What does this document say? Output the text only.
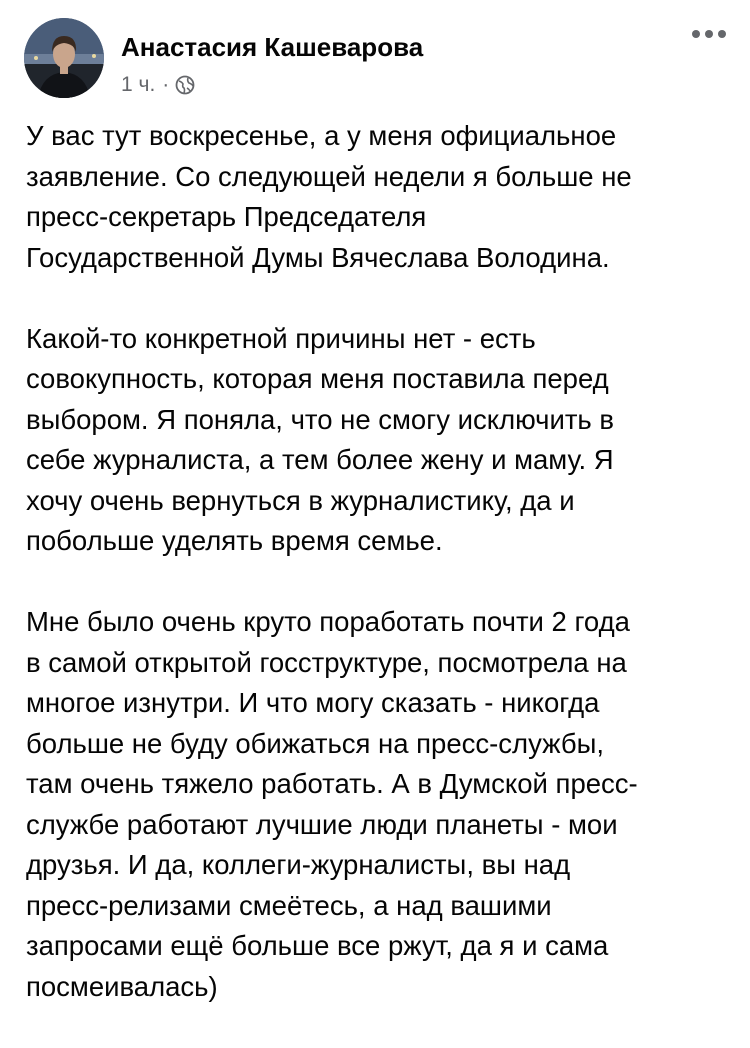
Анастасия Кашеварова
1 ч. ·
У вас тут воскресенье, а у меня официальное
заявление. Со следующей недели я больше не
пресс-секретарь Председателя
Государственной Думы Вячеслава Володина.
Какой-то конкретной причины нет - есть
совокупность, которая меня поставила перед
выбором. Я поняла, что не смогу исключить в
себе журналиста, а тем более жену и маму. Я
хочу очень вернуться в журналистику, да и
побольше уделять время семье.
Мне было очень круто поработать почти 2 года
в самой открытой госструктуре, посмотрела на
многое изнутри. И что могу сказать - никогда
больше не буду обижаться на пресс-службы,
там очень тяжело работать. А в Думской пресс-
службе работают лучшие люди планеты - мои
друзья. И да, коллеги-журналисты, вы над
пресс-релизами смеётесь, а над вашими
запросами ещё больше все ржут, да я и сама
посмеивалась)
